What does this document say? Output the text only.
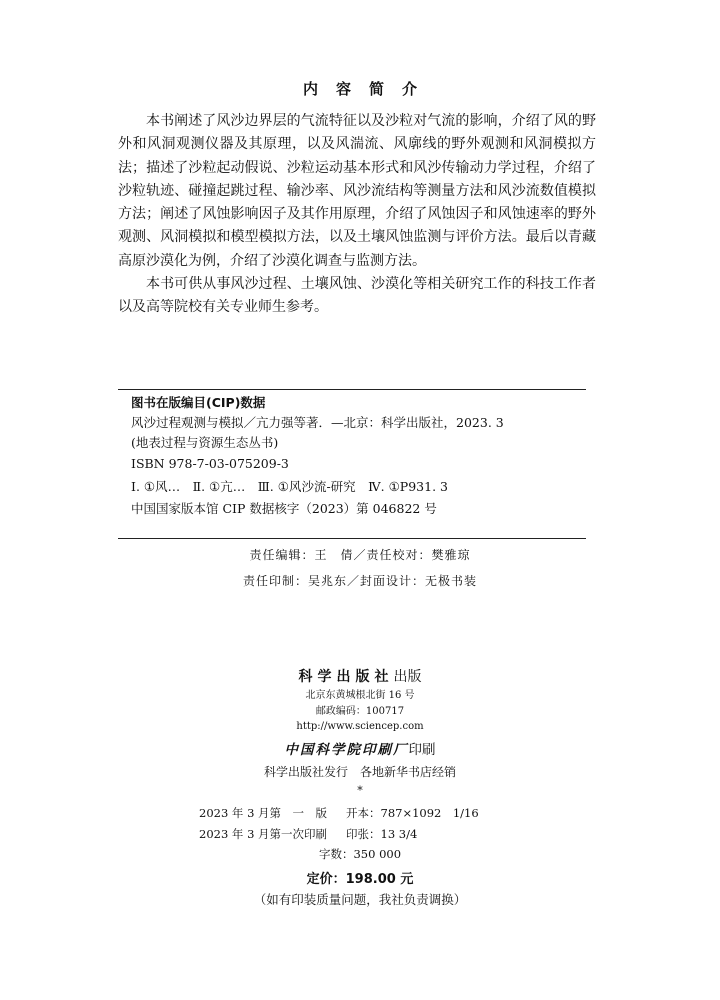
内容简介

本书阐述了风沙边界层的气流特征以及沙粒对气流的影响，介绍了风的野外和风洞观测仪器及其原理，以及风湍流、风廓线的野外观测和风洞模拟方法；描述了沙粒起动假说、沙粒运动基本形式和风沙传输动力学过程，介绍了沙粒轨迹、碰撞起跳过程、输沙率、风沙流结构等测量方法和风沙流数值模拟方法；阐述了风蚀影响因子及其作用原理，介绍了风蚀因子和风蚀速率的野外观测、风洞模拟和模型模拟方法，以及土壤风蚀监测与评价方法。最后以青藏高原沙漠化为例，介绍了沙漠化调查与监测方法。

本书可供从事风沙过程、土壤风蚀、沙漠化等相关研究工作的科技工作者以及高等院校有关专业师生参考。

图书在版编目(CIP)数据
风沙过程观测与模拟／亢力强等著．—北京：科学出版社，2023. 3
(地表过程与资源生态丛书)
ISBN 978-7-03-075209-3
Ⅰ. ①风…　Ⅱ. ①亢…　Ⅲ. ①风沙流-研究　Ⅳ. ①P931. 3
中国国家版本馆 CIP 数据核字（2023）第 046822 号
责任编辑：王　倩／责任校对：樊雅琼
责任印制：吴兆东／封面设计：无极书装
科学出版社出版
北京东黄城根北街 16 号
邮政编码：100717
http://www.sciencep.com
中国科学院印刷厂印刷
科学出版社发行　各地新华书店经销
*
2023 年 3 月第　一　版 开本：787×1092　1/16
2023 年 3 月第一次印刷 印张：13 3/4
字数：350 000
定价：198.00 元
（如有印装质量问题，我社负责调换）
